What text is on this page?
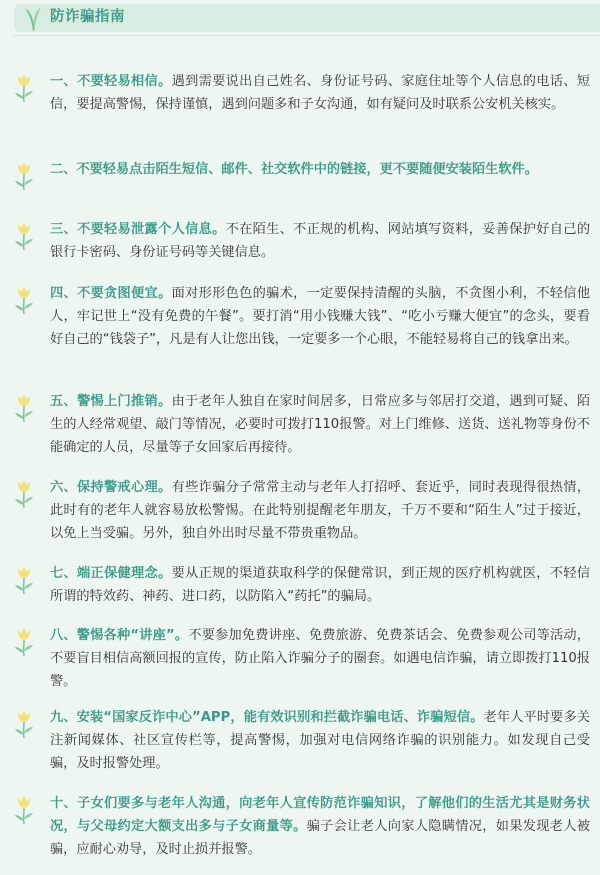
防诈骗指南
一、不要轻易相信。遇到需要说出自己姓名、身份证号码、家庭住址等个人信息的电话、短信，要提高警惕，保持谨慎，遇到问题多和子女沟通，如有疑问及时联系公安机关核实。
二、不要轻易点击陌生短信、邮件、社交软件中的链接，更不要随便安装陌生软件。
三、不要轻易泄露个人信息。不在陌生、不正规的机构、网站填写资料，妥善保护好自己的银行卡密码、身份证号码等关键信息。
四、不要贪图便宜。面对形形色色的骗术，一定要保持清醒的头脑，不贪图小利，不轻信他人，牢记世上“没有免费的午餐”。要打消“用小钱赚大钱”、“吃小亏赚大便宜”的念头，要看好自己的“钱袋子”，凡是有人让您出钱，一定要多一个心眼，不能轻易将自己的钱拿出来。
五、警惕上门推销。由于老年人独自在家时间居多，日常应多与邻居打交道，遇到可疑、陌生的人经常观望、敲门等情况，必要时可拨打110报警。对上门维修、送货、送礼物等身份不能确定的人员，尽量等子女回家后再接待。
六、保持警戒心理。有些诈骗分子常常主动与老年人打招呼、套近乎，同时表现得很热情，此时有的老年人就容易放松警惕。在此特别提醒老年朋友，千万不要和“陌生人”过于接近，以免上当受骗。另外，独自外出时尽量不带贵重物品。
七、端正保健理念。要从正规的渠道获取科学的保健常识，到正规的医疗机构就医，不轻信所谓的特效药、神药、进口药，以防陷入“药托”的骗局。
八、警惕各种“讲座”。不要参加免费讲座、免费旅游、免费茶话会、免费参观公司等活动，不要盲目相信高额回报的宣传，防止陷入诈骗分子的圈套。如遇电信诈骗，请立即拨打110报警。
九、安装“国家反诈中心”APP，能有效识别和拦截诈骗电话、诈骗短信。老年人平时要多关注新闻媒体、社区宣传栏等，提高警惕，加强对电信网络诈骗的识别能力。如发现自己受骗，及时报警处理。
十、子女们要多与老年人沟通，向老年人宣传防范诈骗知识，了解他们的生活尤其是财务状况，与父母约定大额支出多与子女商量等。骗子会让老人向家人隐瞒情况，如果发现老人被骗，应耐心劝导，及时止损并报警。
